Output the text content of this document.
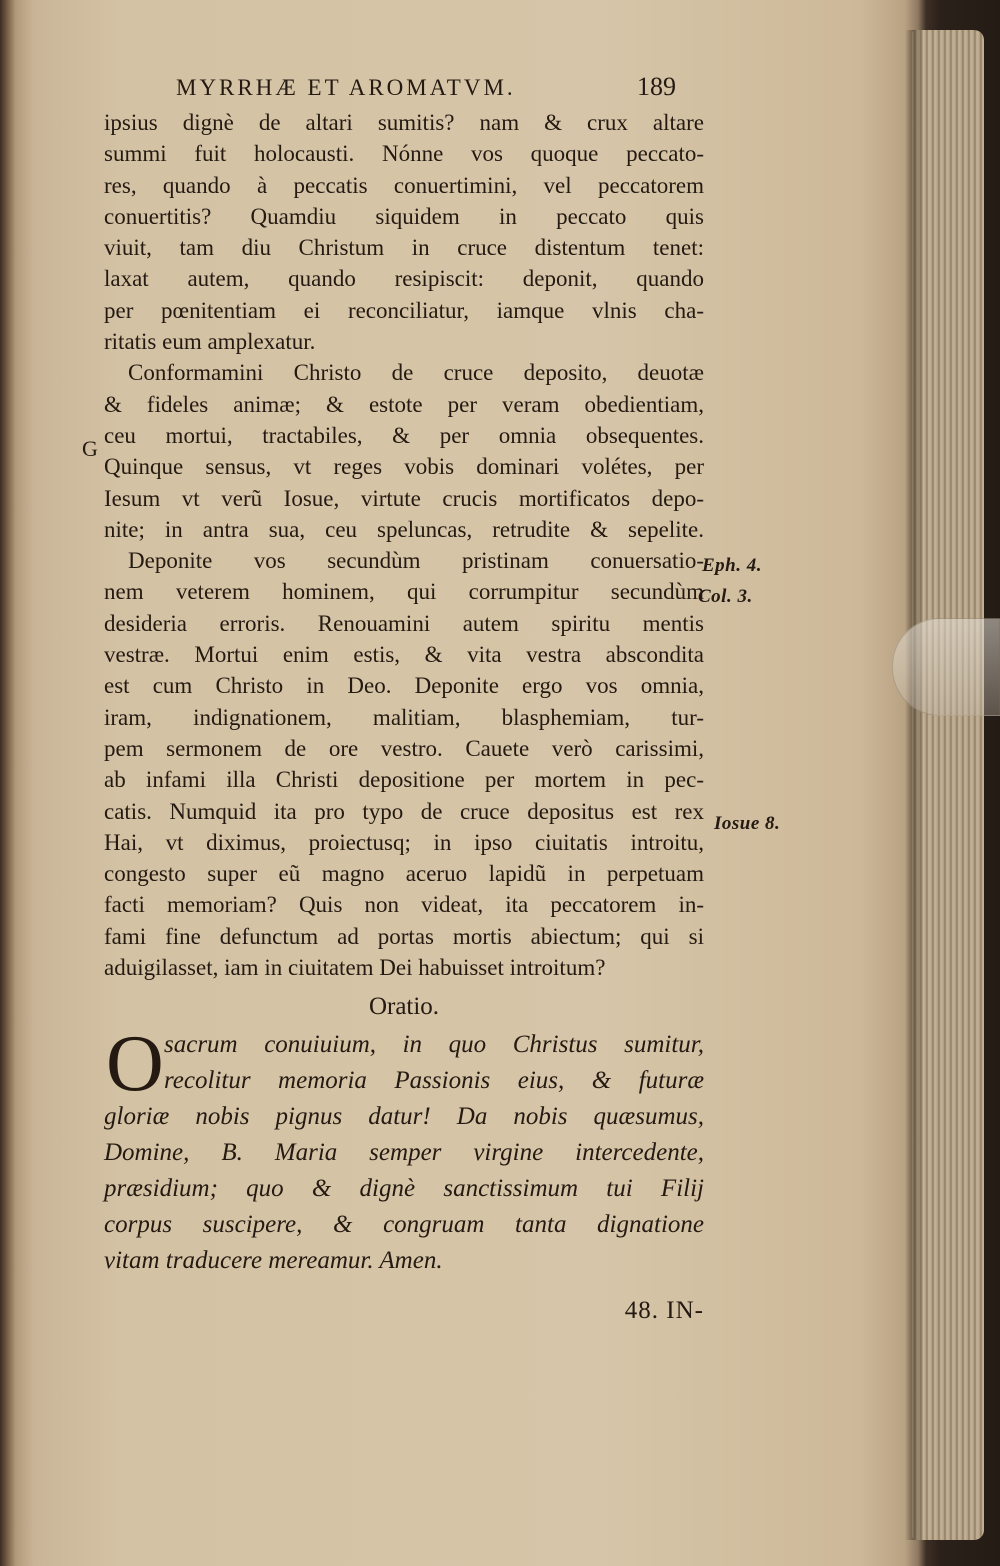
MYRRHÆ ET AROMATVM.	189
ipsius dignè de altari sumitis? nam & crux altare
summi fuit holocausti. Nónne vos quoque peccato-
res, quando à peccatis conuertimini, vel peccatorem
conuertitis? Quamdiu siquidem in peccato quis
viuit, tam diu Christum in cruce distentum tenet:
laxat autem, quando resipiscit: deponit, quando
per pœnitentiam ei reconciliatur, iamque vlnis cha-
ritatis eum amplexatur.
Conformamini Christo de cruce deposito, deuotæ
& fideles animæ; & estote per veram obedientiam,
ceu mortui, tractabiles, & per omnia obsequentes.
Quinque sensus, vt reges vobis dominari volétes, per
G
Iesum vt verũ Iosue, virtute crucis mortificatos depo-
nite; in antra sua, ceu speluncas, retrudite & sepelite.
Deponite vos secundùm pristinam conuersatio-
nem veterem hominem, qui corrumpitur secundùm
desideria erroris. Renouamini autem spiritu mentis
vestræ. Mortui enim estis, & vita vestra abscondita
est cum Christo in Deo. Deponite ergo vos omnia,
iram, indignationem, malitiam, blasphemiam, tur-
pem sermonem de ore vestro. Cauete verò carissimi,
ab infami illa Christi depositione per mortem in pec-
catis. Numquid ita pro typo de cruce depositus est rex
Hai, vt diximus, proiectusq; in ipso ciuitatis introitu,
congesto super eũ magno aceruo lapidũ in perpetuam
facti memoriam? Quis non videat, ita peccatorem in-
fami fine defunctum ad portas mortis abiectum; qui si
aduigilasset, iam in ciuitatem Dei habuisset introitum?
Eph. 4.
Col. 3.
Iosue 8.
Oratio.
O sacrum conuiuium, in quo Christus sumitur,
recolitur memoria Passionis eius, & futuræ
gloriæ nobis pignus datur! Da nobis quæsumus,
Domine, B. Maria semper virgine intercedente,
præsidium; quo & dignè sanctissimum tui Filij
corpus suscipere, & congruam tanta dignatione
vitam traducere mereamur. Amen.
48. IN-
